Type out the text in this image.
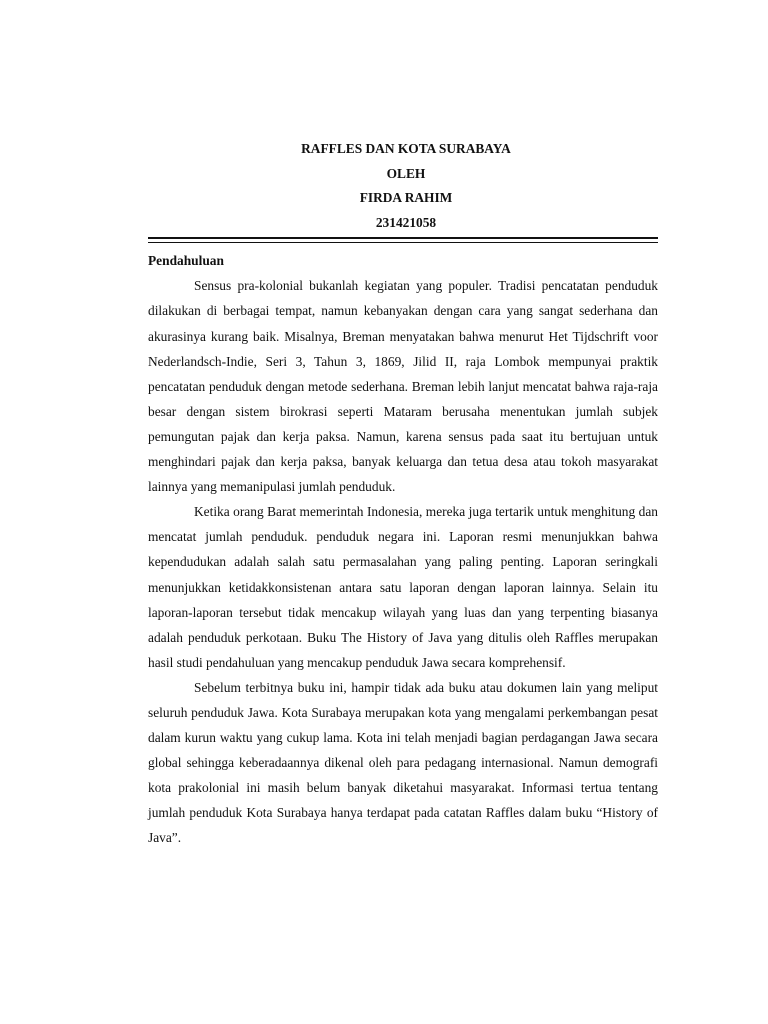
RAFFLES DAN KOTA SURABAYA
OLEH
FIRDA RAHIM
231421058
Pendahuluan

Sensus pra-kolonial bukanlah kegiatan yang populer. Tradisi pencatatan penduduk dilakukan di berbagai tempat, namun kebanyakan dengan cara yang sangat sederhana dan akurasinya kurang baik. Misalnya, Breman menyatakan bahwa menurut Het Tijdschrift voor Nederlandsch-Indie, Seri 3, Tahun 3, 1869, Jilid II, raja Lombok mempunyai praktik pencatatan penduduk dengan metode sederhana. Breman lebih lanjut mencatat bahwa raja-raja besar dengan sistem birokrasi seperti Mataram berusaha menentukan jumlah subjek pemungutan pajak dan kerja paksa. Namun, karena sensus pada saat itu bertujuan untuk menghindari pajak dan kerja paksa, banyak keluarga dan tetua desa atau tokoh masyarakat lainnya yang memanipulasi jumlah penduduk.

Ketika orang Barat memerintah Indonesia, mereka juga tertarik untuk menghitung dan mencatat jumlah penduduk. penduduk negara ini. Laporan resmi menunjukkan bahwa kependudukan adalah salah satu permasalahan yang paling penting. Laporan seringkali menunjukkan ketidakkonsistenan antara satu laporan dengan laporan lainnya. Selain itu laporan-laporan tersebut tidak mencakup wilayah yang luas dan yang terpenting biasanya adalah penduduk perkotaan. Buku The History of Java yang ditulis oleh Raffles merupakan hasil studi pendahuluan yang mencakup penduduk Jawa secara komprehensif.

Sebelum terbitnya buku ini, hampir tidak ada buku atau dokumen lain yang meliput seluruh penduduk Jawa. Kota Surabaya merupakan kota yang mengalami perkembangan pesat dalam kurun waktu yang cukup lama. Kota ini telah menjadi bagian perdagangan Jawa secara global sehingga keberadaannya dikenal oleh para pedagang internasional. Namun demografi kota prakolonial ini masih belum banyak diketahui masyarakat. Informasi tertua tentang jumlah penduduk Kota Surabaya hanya terdapat pada catatan Raffles dalam buku “History of Java”.
